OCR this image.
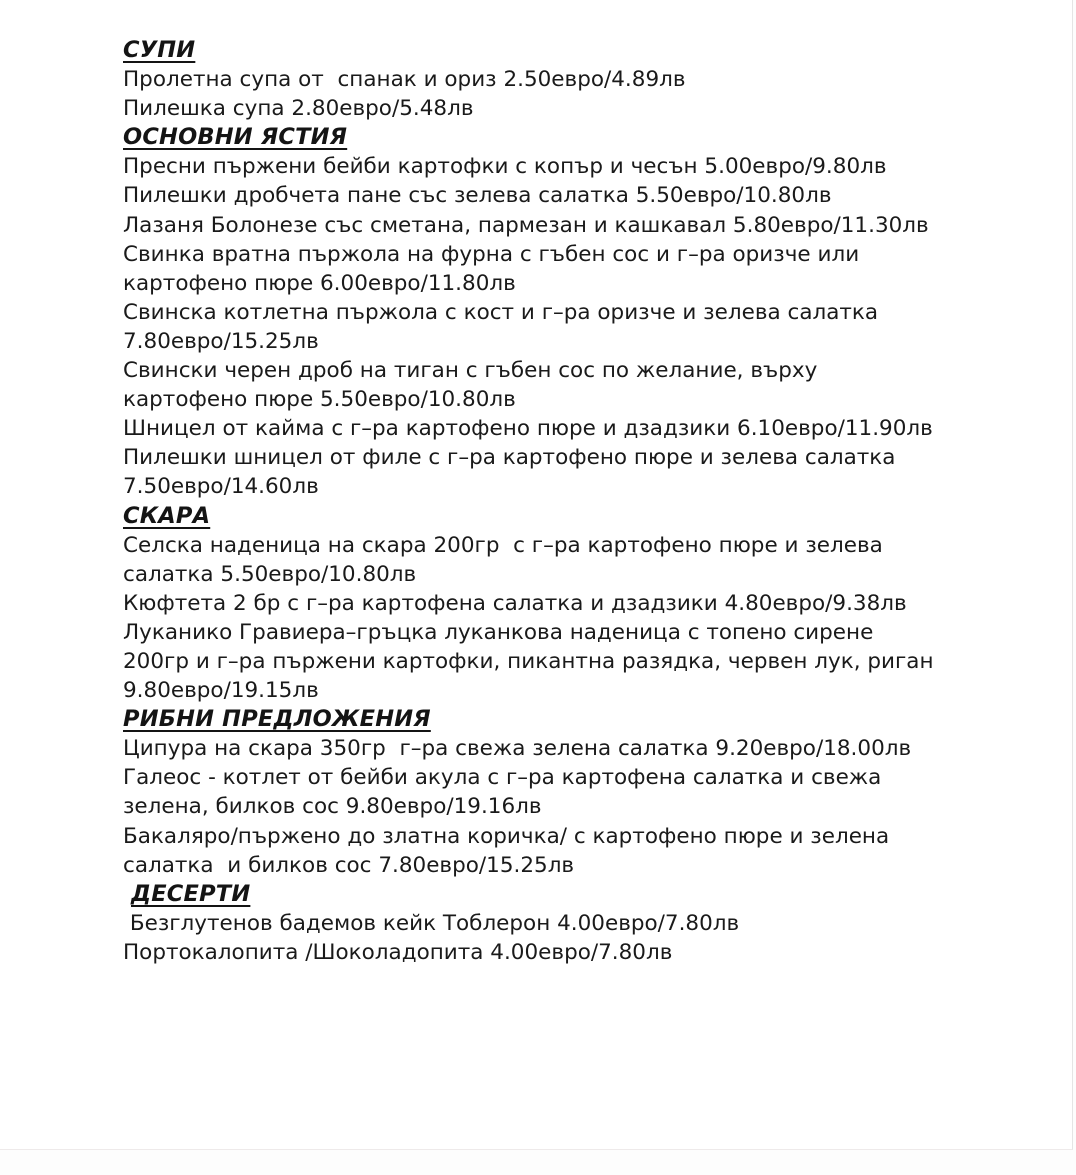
СУПИ
Пролетна супа от  спанак и ориз 2.50евро/4.89лв
Пилешка супа 2.80евро/5.48лв
ОСНОВНИ ЯСТИЯ
Пресни пържени бейби картофки с копър и чесън 5.00евро/9.80лв
Пилешки дробчета пане със зелева салатка 5.50евро/10.80лв
Лазаня Болонезе със сметана, пармезан и кашкавал 5.80евро/11.30лв
Свинка вратна пържола на фурна с гъбен сос и г–ра оризче или
картофено пюре 6.00евро/11.80лв
Свинска котлетна пържола с кост и г–ра оризче и зелева салатка
7.80евро/15.25лв
Свински черен дроб на тиган с гъбен сос по желание, върху
картофено пюре 5.50евро/10.80лв
Шницел от кайма с г–ра картофено пюре и дзадзики 6.10евро/11.90лв
Пилешки шницел от филе с г–ра картофено пюре и зелева салатка
7.50евро/14.60лв
СКАРА
Селска наденица на скара 200гр  с г–ра картофено пюре и зелева
салатка 5.50евро/10.80лв
Кюфтета 2 бр с г–ра картофена салатка и дзадзики 4.80евро/9.38лв
Луканико Гравиера–гръцка луканкова наденица с топено сирене
200гр и г–ра пържени картофки, пикантна разядка, червен лук, риган
9.80евро/19.15лв
РИБНИ ПРЕДЛОЖЕНИЯ
Ципура на скара 350гр  г–ра свежа зелена салатка 9.20евро/18.00лв
Галеос - котлет от бейби акула с г–ра картофена салатка и свежа
зелена, билков сос 9.80евро/19.16лв
Бакаляро/пържено до златна коричка/ с картофено пюре и зелена
салатка  и билков сос 7.80евро/15.25лв
ДЕСЕРТИ
Безглутенов бадемов кейк Тоблерон 4.00евро/7.80лв
Портокалопита /Шоколадопита 4.00евро/7.80лв
